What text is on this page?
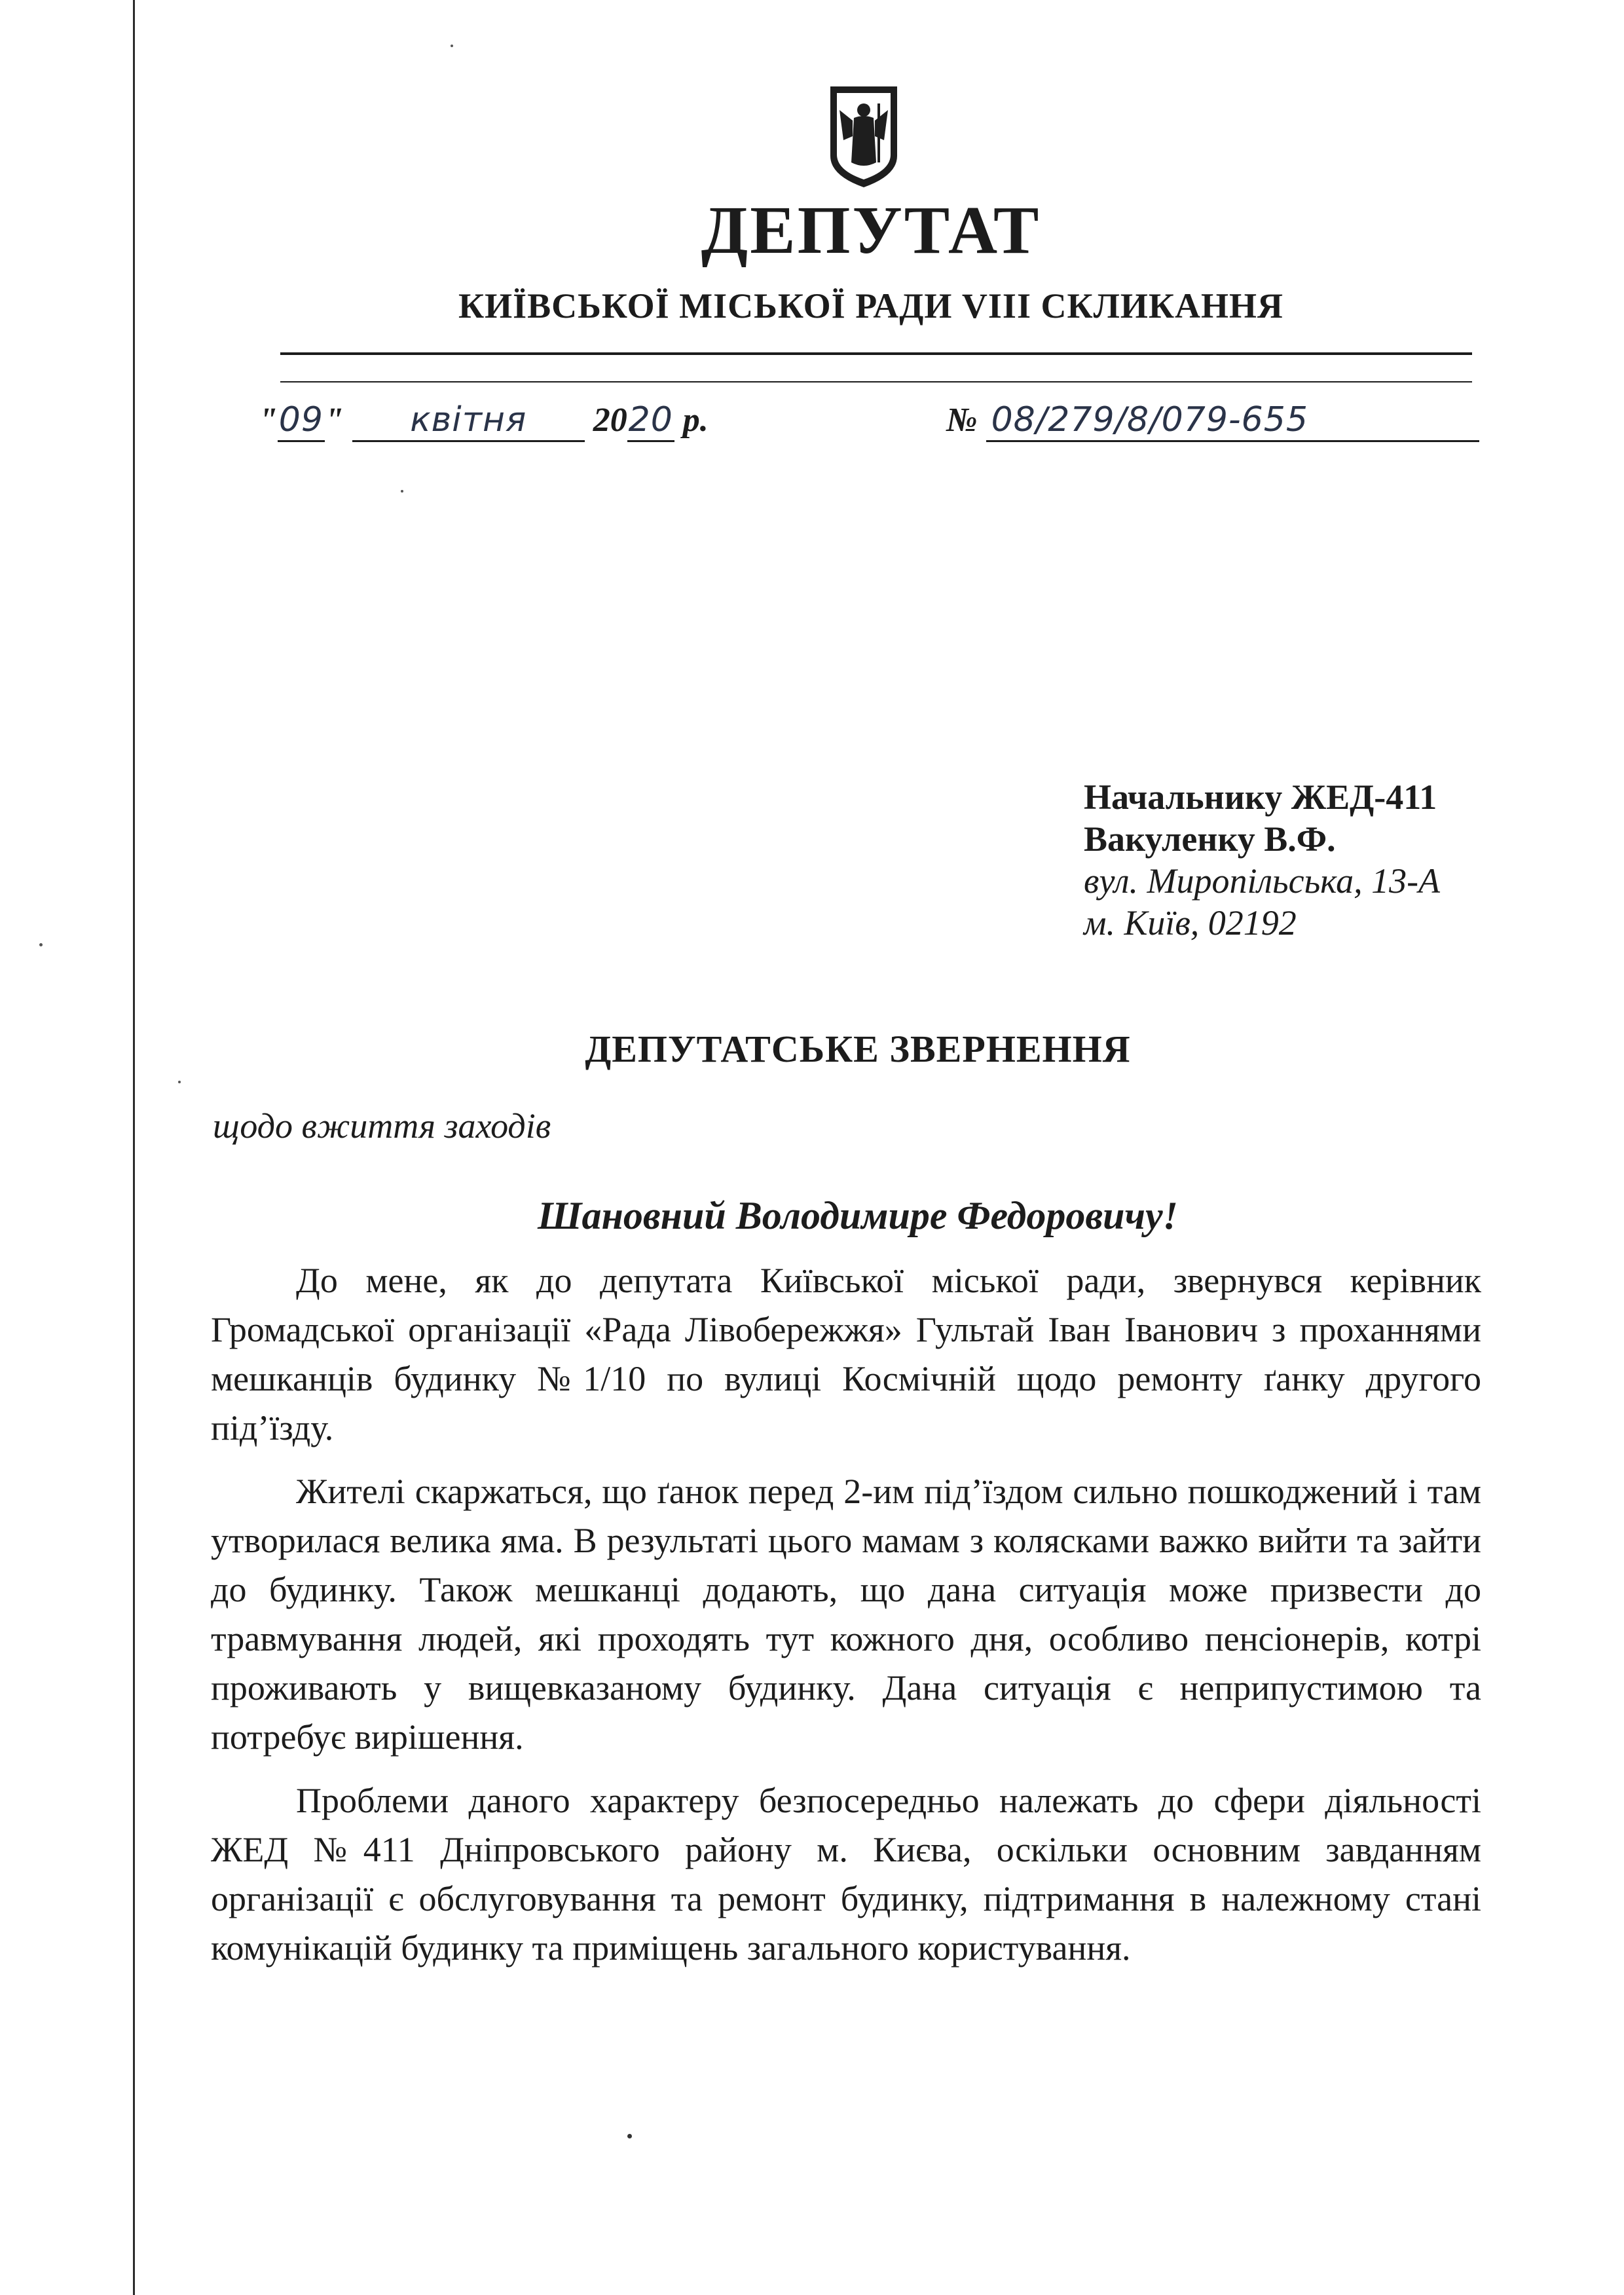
ДЕПУТАТ
КИЇВСЬКОЇ МІСЬКОЇ РАДИ VIII СКЛИКАННЯ
"09" квітня 2020 р.	№ 08/279/8/079-655
Начальнику ЖЕД-411
Вакуленку В.Ф.
вул. Миропільська, 13-А
м. Київ, 02192
ДЕПУТАТСЬКЕ ЗВЕРНЕННЯ
щодо вжиття заходів
Шановний Володимире Федоровичу!

До мене, як до депутата Київської міської ради, звернувся керівник Громадської організації «Рада Лівобережжя» Гультай Іван Іванович з проханнями мешканців будинку №1/10 по вулиці Космічній щодо ремонту ґанку другого під’їзду.

Жителі скаржаться, що ґанок перед 2-им під’їздом сильно пошкоджений і там утворилася велика яма. В результаті цього мамам з колясками важко вийти та зайти до будинку. Також мешканці додають, що дана ситуація може призвести до травмування людей, які проходять тут кожного дня, особливо пенсіонерів, котрі проживають у вищевказаному будинку. Дана ситуація є неприпустимою та потребує вирішення.

Проблеми даного характеру безпосередньо належать до сфери діяльності ЖЕД №411 Дніпровського району м. Києва, оскільки основним завданням організації є обслуговування та ремонт будинку, підтримання в належному стані комунікацій будинку та приміщень загального користування.
